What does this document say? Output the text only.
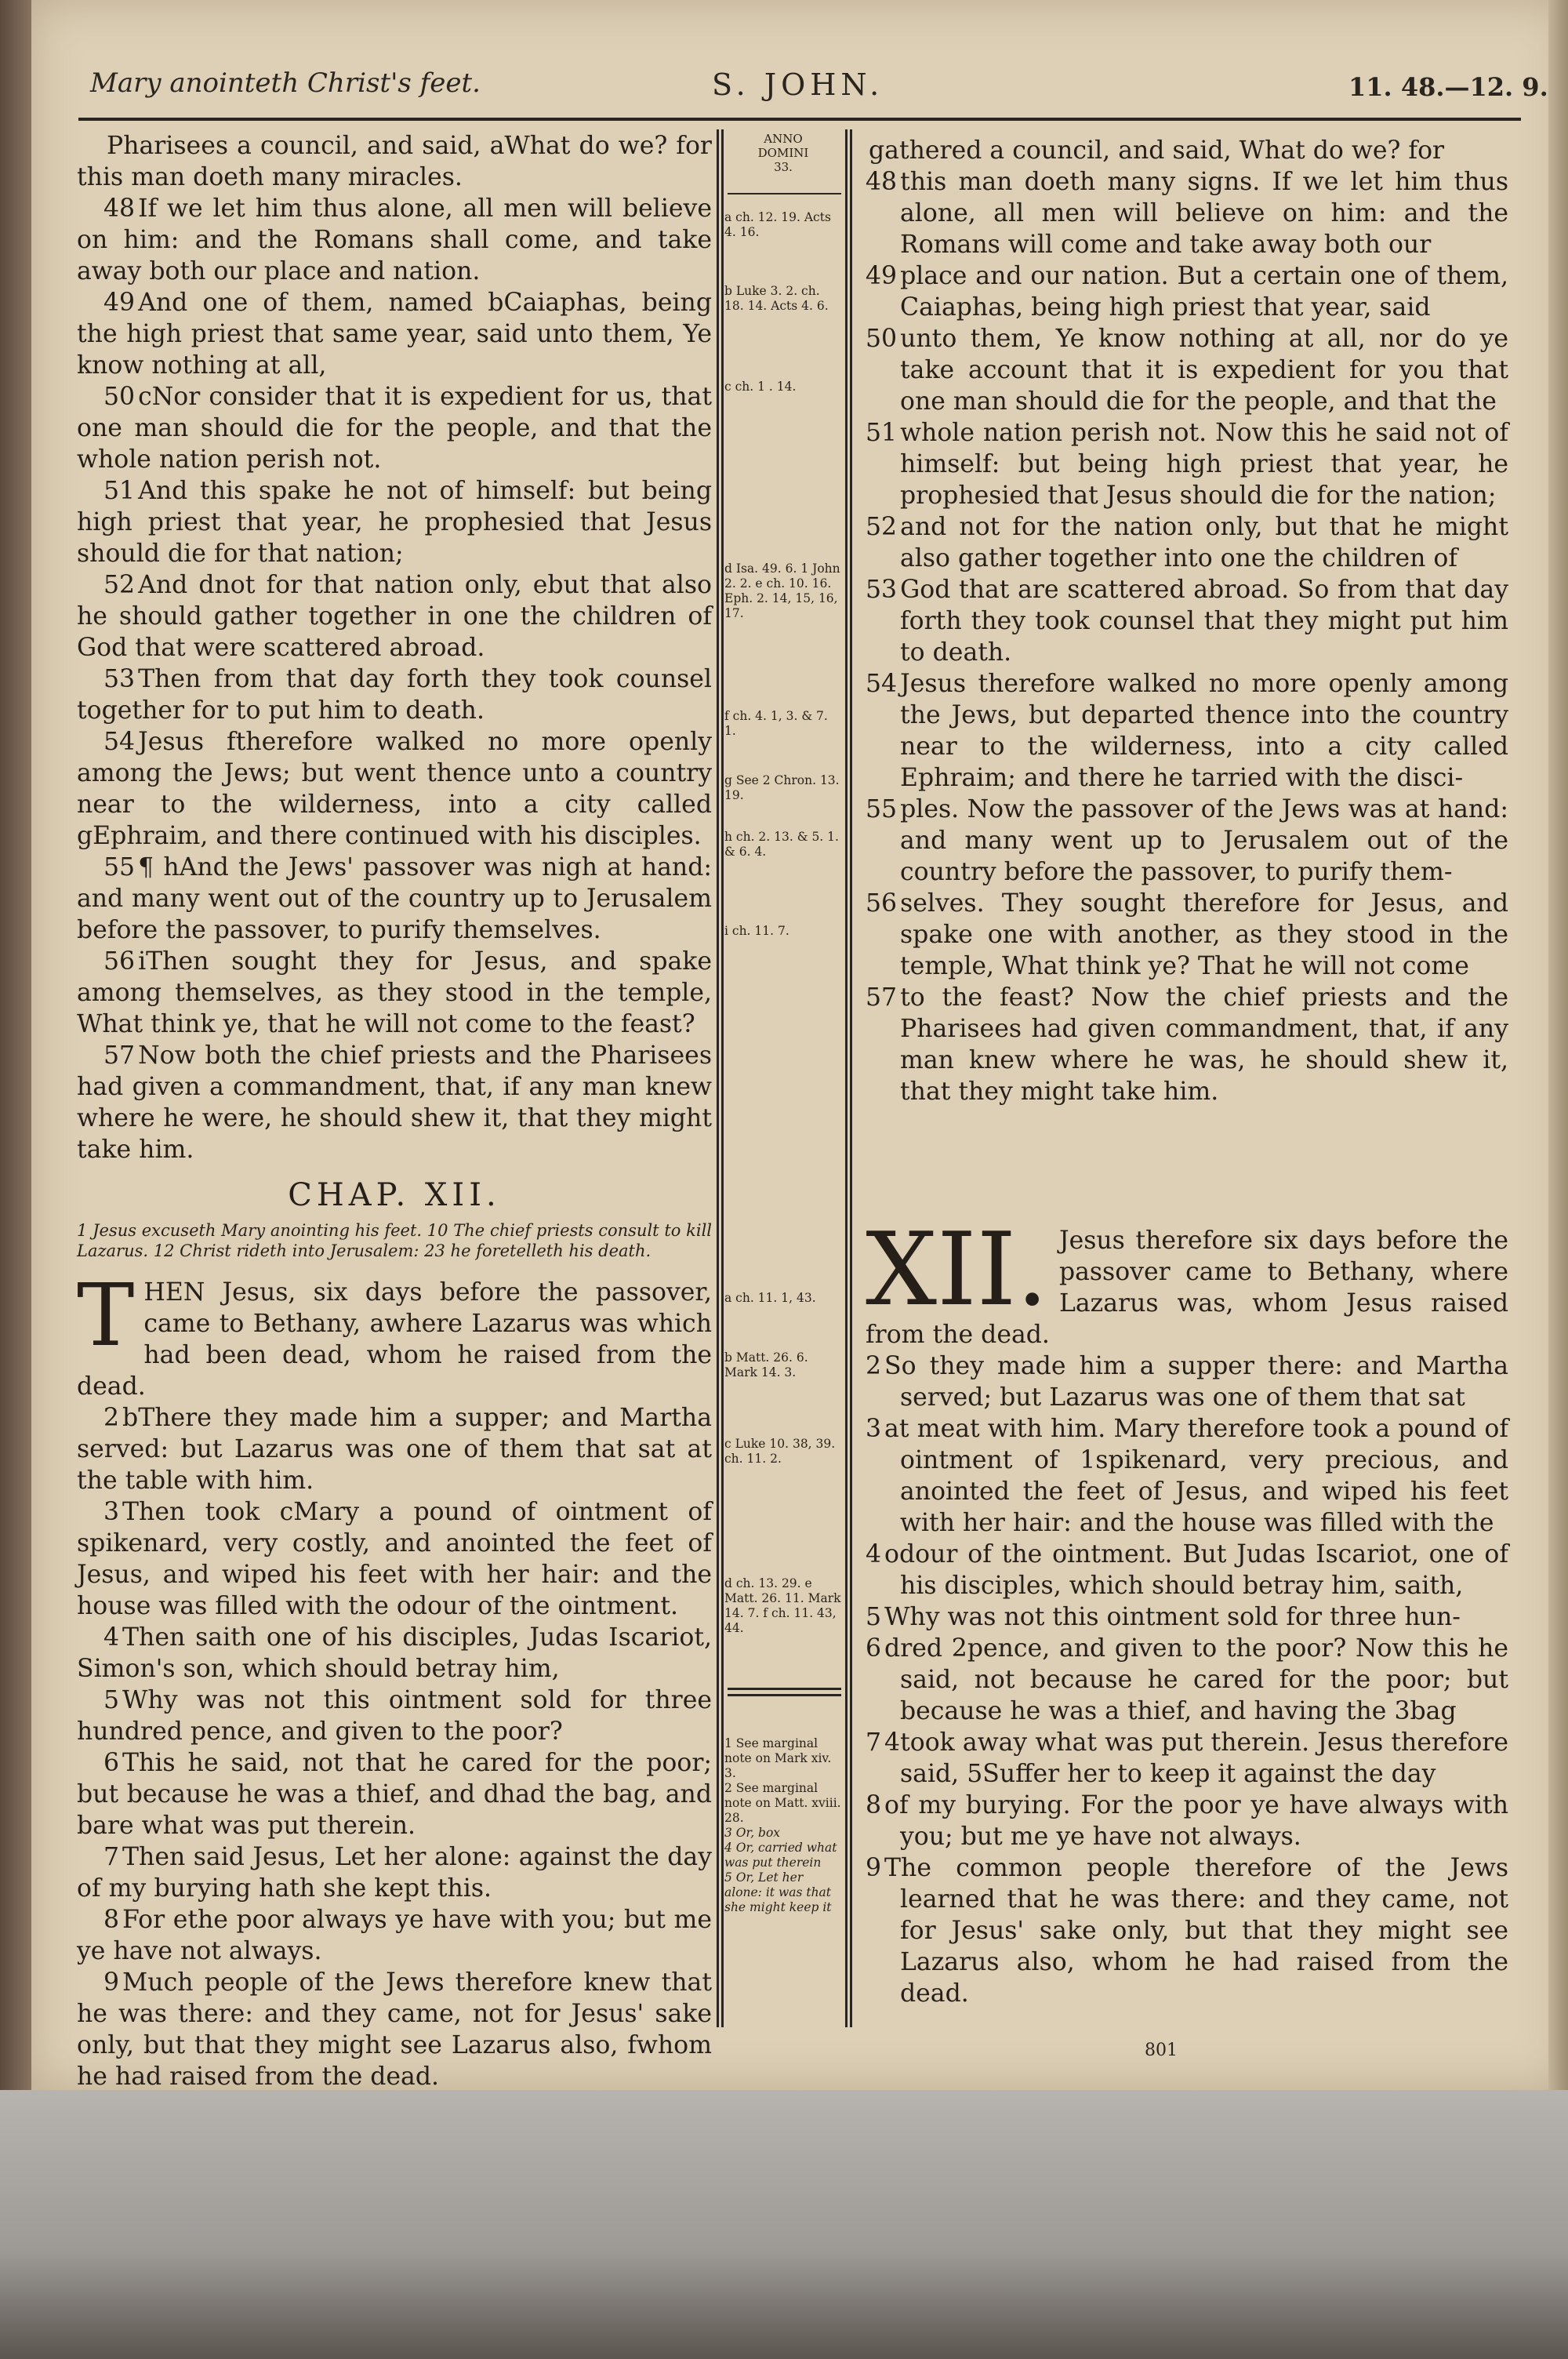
Mary anointeth Christ's feet.	S. JOHN.	11. 48.—12. 9.
ANNO
DOMINI
33.
a ch. 12. 19. Acts 4. 16.
b Luke 3. 2. ch. 18. 14. Acts 4. 6.
c ch. 1 . 14.
d Isa. 49. 6. 1 John 2. 2. e ch. 10. 16. Eph. 2. 14, 15, 16, 17.
f ch. 4. 1, 3. & 7. 1.
g See 2 Chron. 13. 19.
h ch. 2. 13. & 5. 1. & 6. 4.
i ch. 11. 7.
a ch. 11. 1, 43.
b Matt. 26. 6. Mark 14. 3.
c Luke 10. 38, 39. ch. 11. 2.
d ch. 13. 29. e Matt. 26. 11. Mark 14. 7. f ch. 11. 43, 44.
1 See marginal note on Mark xiv. 3.
2 See marginal note on Matt. xviii. 28.
3 Or, box
4 Or, carried what was put therein
5 Or, Let her alone: it was that she might keep it

Pharisees a council, and said, aWhat do we? for this man doeth many miracles.

48 If we let him thus alone, all men will believe on him: and the Romans shall come, and take away both our place and nation.

49 And one of them, named bCaiaphas, being the high priest that same year, said unto them, Ye know nothing at all,

50 cNor consider that it is expedient for us, that one man should die for the people, and that the whole nation perish not.

51 And this spake he not of himself: but being high priest that year, he prophesied that Jesus should die for that nation;

52 And dnot for that nation only, ebut that also he should gather together in one the children of God that were scattered abroad.

53 Then from that day forth they took counsel together for to put him to death.

54 Jesus ftherefore walked no more openly among the Jews; but went thence unto a country near to the wilderness, into a city called gEphraim, and there continued with his disciples.

55 ¶ hAnd the Jews' passover was nigh at hand: and many went out of the country up to Jerusalem before the passover, to purify themselves.

56 iThen sought they for Jesus, and spake among themselves, as they stood in the temple, What think ye, that he will not come to the feast?

57 Now both the chief priests and the Pharisees had given a commandment, that, if any man knew where he were, he should shew it, that they might take him.

CHAP. XII.
1 Jesus excuseth Mary anointing his feet. 10 The chief priests consult to kill Lazarus. 12 Christ rideth into Jerusalem: 23 he foretelleth his death.

THEN Jesus, six days before the passover, came to Bethany, awhere Lazarus was which had been dead, whom he raised from the dead.

2 bThere they made him a supper; and Martha served: but Lazarus was one of them that sat at the table with him.

3 Then took cMary a pound of ointment of spikenard, very costly, and anointed the feet of Jesus, and wiped his feet with her hair: and the house was filled with the odour of the ointment.

4 Then saith one of his disciples, Judas Iscariot, Simon's son, which should betray him,

5 Why was not this ointment sold for three hundred pence, and given to the poor?

6 This he said, not that he cared for the poor; but because he was a thief, and dhad the bag, and bare what was put therein.

7 Then said Jesus, Let her alone: against the day of my burying hath she kept this.

8 For ethe poor always ye have with you; but me ye have not always.

9 Much people of the Jews therefore knew that he was there: and they came, not for Jesus' sake only, but that they might see Lazarus also, fwhom he had raised from the dead.

gathered a council, and said, What do we? for

48 this man doeth many signs. If we let him thus alone, all men will believe on him: and the Romans will come and take away both our

49 place and our nation. But a certain one of them, Caiaphas, being high priest that year, said

50 unto them, Ye know nothing at all, nor do ye take account that it is expedient for you that one man should die for the people, and that the

51 whole nation perish not. Now this he said not of himself: but being high priest that year, he prophesied that Jesus should die for the nation;

52 and not for the nation only, but that he might also gather together into one the children of

53 God that are scattered abroad. So from that day forth they took counsel that they might put him to death.

54 Jesus therefore walked no more openly among the Jews, but departed thence into the country near to the wilderness, into a city called Ephraim; and there he tarried with the disci-

55 ples. Now the passover of the Jews was at hand: and many went up to Jerusalem out of the country before the passover, to purify them-

56 selves. They sought therefore for Jesus, and spake one with another, as they stood in the temple, What think ye? That he will not come

57 to the feast? Now the chief priests and the Pharisees had given commandment, that, if any man knew where he was, he should shew it, that they might take him.

XII. Jesus therefore six days before the passover came to Bethany, where Lazarus was, whom Jesus raised from the dead.

2 So they made him a supper there: and Martha served; but Lazarus was one of them that sat

3 at meat with him. Mary therefore took a pound of ointment of 1spikenard, very precious, and anointed the feet of Jesus, and wiped his feet with her hair: and the house was filled with the

4 odour of the ointment. But Judas Iscariot, one of his disciples, which should betray him, saith,

5 Why was not this ointment sold for three hun-

6 dred 2pence, and given to the poor? Now this he said, not because he cared for the poor; but because he was a thief, and having the 3bag

7 4took away what was put therein. Jesus therefore said, 5Suffer her to keep it against the day

8 of my burying. For the poor ye have always with you; but me ye have not always.

9 The common people therefore of the Jews learned that he was there: and they came, not for Jesus' sake only, but that they might see Lazarus also, whom he had raised from the dead.

801
